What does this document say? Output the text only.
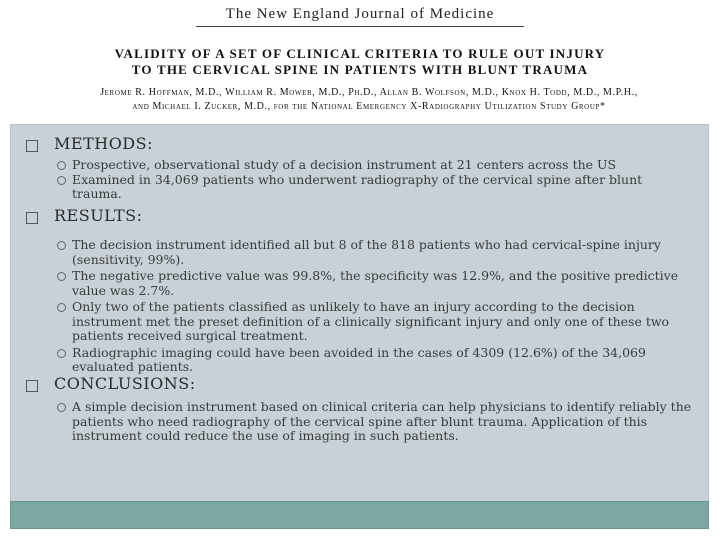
The New England Journal of Medicine
VALIDITY OF A SET OF CLINICAL CRITERIA TO RULE OUT INJURY
TO THE CERVICAL SPINE IN PATIENTS WITH BLUNT TRAUMA
Jerome R. Hoffman, M.D., William R. Mower, M.D., Ph.D., Allan B. Wolfson, M.D., Knox H. Todd, M.D., M.P.H.,
and Michael I. Zucker, M.D., for the National Emergency X-Radiography Utilization Study Group*
METHODS:
Prospective, observational study of a decision instrument at 21 centers across the US
Examined in 34,069 patients who underwent radiography of the cervical spine after blunt trauma.
RESULTS:
The decision instrument identified all but 8 of the 818 patients who had cervical-spine injury (sensitivity, 99%).
The negative predictive value was 99.8%, the specificity was 12.9%, and the positive predictive value was 2.7%.
Only two of the patients classified as unlikely to have an injury according to the decision instrument met the preset definition of a clinically significant injury and only one of these two patients received surgical treatment.
Radiographic imaging could have been avoided in the cases of 4309 (12.6%) of the 34,069 evaluated patients.
CONCLUSIONS:
A simple decision instrument based on clinical criteria can help physicians to identify reliably the patients who need radiography of the cervical spine after blunt trauma. Application of this instrument could reduce the use of imaging in such patients.
